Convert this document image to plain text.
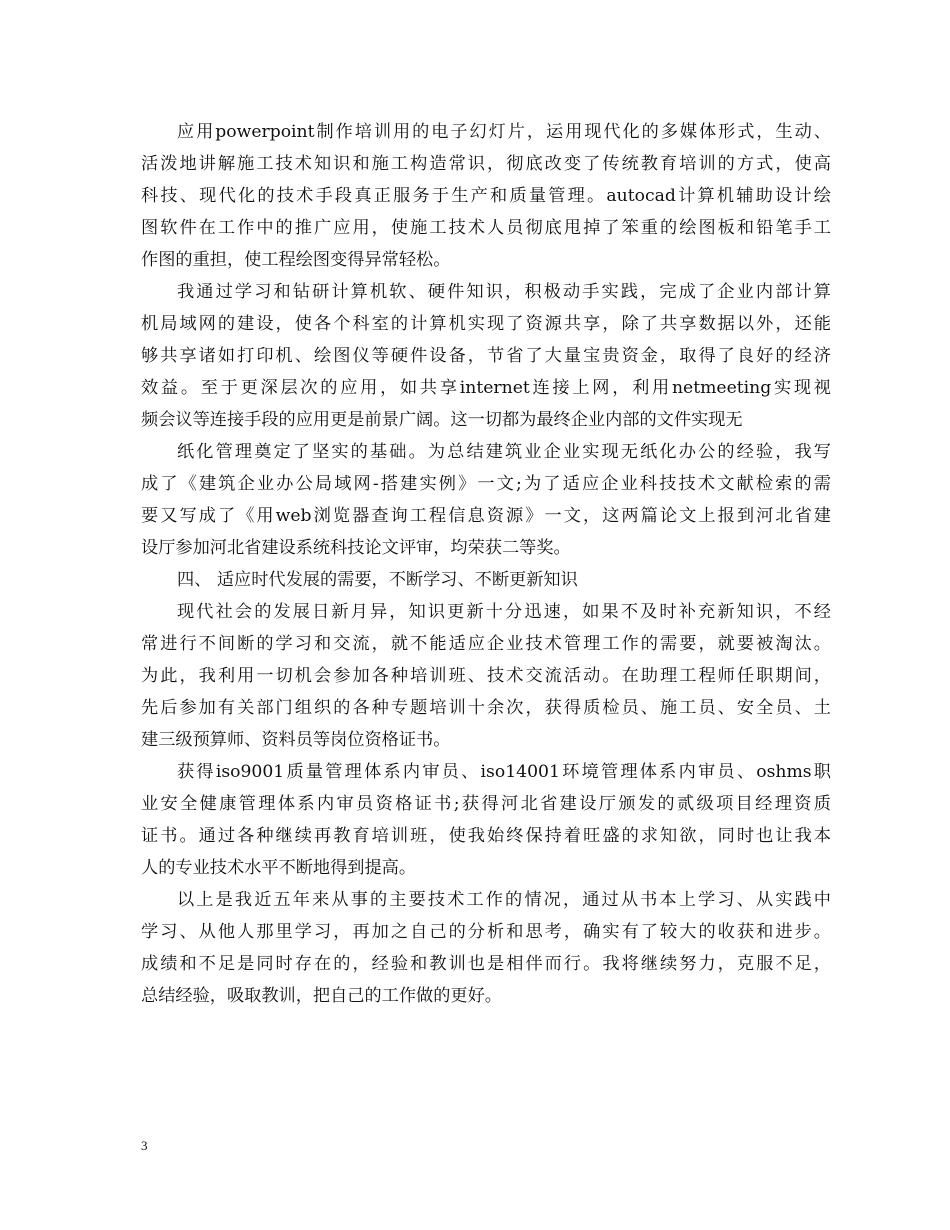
应用powerpoint制作培训用的电子幻灯片，运用现代化的多媒体形式，生动、
活泼地讲解施工技术知识和施工构造常识，彻底改变了传统教育培训的方式，使高
科技、现代化的技术手段真正服务于生产和质量管理。autocad计算机辅助设计绘
图软件在工作中的推广应用，使施工技术人员彻底甩掉了笨重的绘图板和铅笔手工
作图的重担，使工程绘图变得异常轻松。
我通过学习和钻研计算机软、硬件知识，积极动手实践，完成了企业内部计算
机局域网的建设，使各个科室的计算机实现了资源共享，除了共享数据以外，还能
够共享诸如打印机、绘图仪等硬件设备，节省了大量宝贵资金，取得了良好的经济
效益。至于更深层次的应用，如共享internet连接上网，利用netmeeting实现视
频会议等连接手段的应用更是前景广阔。这一切都为最终企业内部的文件实现无
纸化管理奠定了坚实的基础。为总结建筑业企业实现无纸化办公的经验，我写
成了《建筑企业办公局域网-搭建实例》一文;为了适应企业科技技术文献检索的需
要又写成了《用web浏览器查询工程信息资源》一文，这两篇论文上报到河北省建
设厅参加河北省建设系统科技论文评审，均荣获二等奖。
四、 适应时代发展的需要，不断学习、不断更新知识
现代社会的发展日新月异，知识更新十分迅速，如果不及时补充新知识，不经
常进行不间断的学习和交流，就不能适应企业技术管理工作的需要，就要被淘汰。
为此，我利用一切机会参加各种培训班、技术交流活动。在助理工程师任职期间，
先后参加有关部门组织的各种专题培训十余次，获得质检员、施工员、安全员、土
建三级预算师、资料员等岗位资格证书。
获得iso9001质量管理体系内审员、iso14001环境管理体系内审员、oshms职
业安全健康管理体系内审员资格证书;获得河北省建设厅颁发的贰级项目经理资质
证书。通过各种继续再教育培训班，使我始终保持着旺盛的求知欲，同时也让我本
人的专业技术水平不断地得到提高。
以上是我近五年来从事的主要技术工作的情况，通过从书本上学习、从实践中
学习、从他人那里学习，再加之自己的分析和思考，确实有了较大的收获和进步。
成绩和不足是同时存在的，经验和教训也是相伴而行。我将继续努力，克服不足，
总结经验，吸取教训，把自己的工作做的更好。
3
